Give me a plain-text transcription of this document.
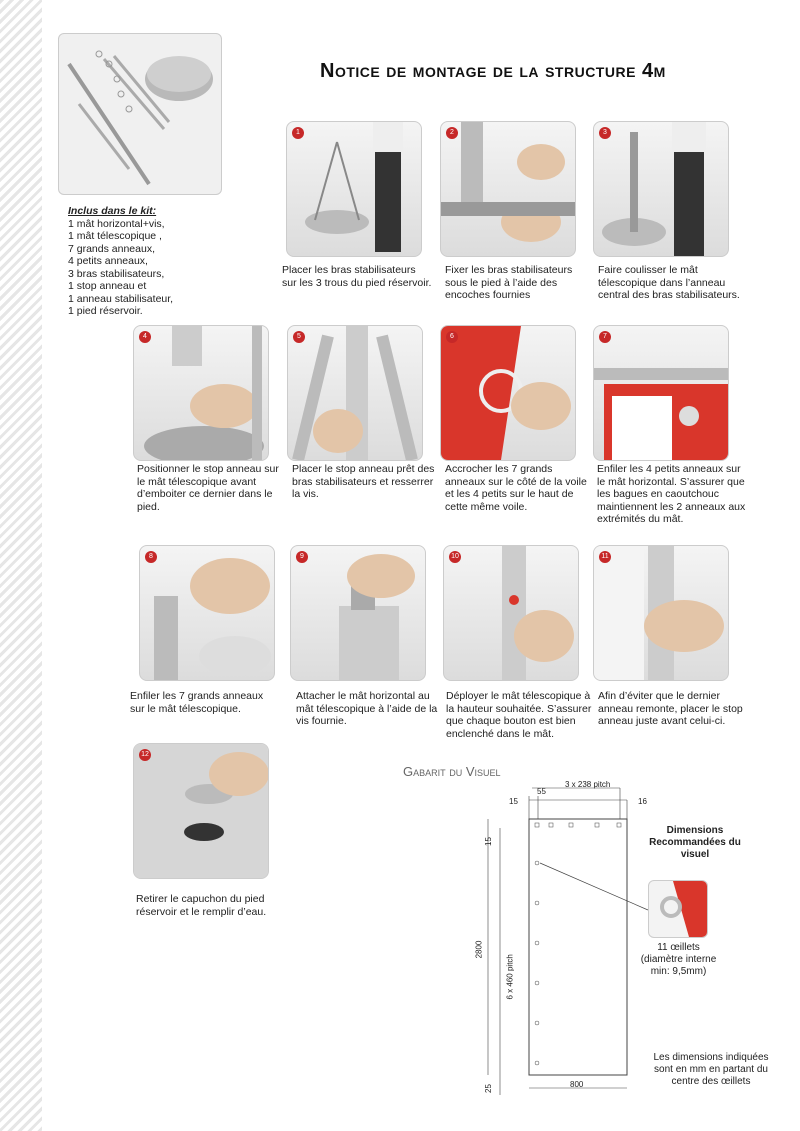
Notice de montage de la structure 4m
Inclus dans le kit:
1 mât horizontal+vis,
1 mât télescopique ,
7 grands anneaux,
4 petits anneaux,
3 bras stabilisateurs,
1 stop anneau et
1 anneau stabilisateur,
1 pied réservoir.
1
Placer les bras stabilisateurs sur les 3 trous du pied réservoir.
2
Fixer les bras stabilisateurs sous le pied à l’aide des encoches fournies
3
Faire coulisser le mât télescopique dans l’anneau central des bras stabilisateurs.
4
Positionner le stop anneau sur le mât télescopique avant d’emboiter ce dernier dans le pied.
5
Placer le stop anneau prêt des bras stabilisateurs et resserrer la vis.
6
Accrocher les 7 grands anneaux sur le côté de la voile et les 4 petits sur le haut de cette même voile.
7
Enfiler les 4 petits anneaux sur le mât horizontal. S’assurer que les bagues en caoutchouc maintiennent les 2 anneaux aux extrémités du mât.
8
Enfiler les 7 grands anneaux sur le mât télescopique.
9
Attacher le mât horizontal au mât télescopique à l’aide de la vis fournie.
10
Déployer le mât télescopique à la hauteur souhaitée. S’assurer que chaque bouton est bien enclenché dans le mât.
11
Afin d’éviter que le dernier anneau remonte, placer le stop anneau juste avant celui-ci.
12
Retirer le capuchon du pied réservoir et le remplir d’eau.
Gabarit du Visuel
3 x 238 pitch
55
15	16
15
2800
6 x 460 pitch
25	800
Dimensions Recommandées du visuel
11 œillets (diamètre interne min: 9,5mm)
Les dimensions indiquées sont en mm en partant du centre des œillets
